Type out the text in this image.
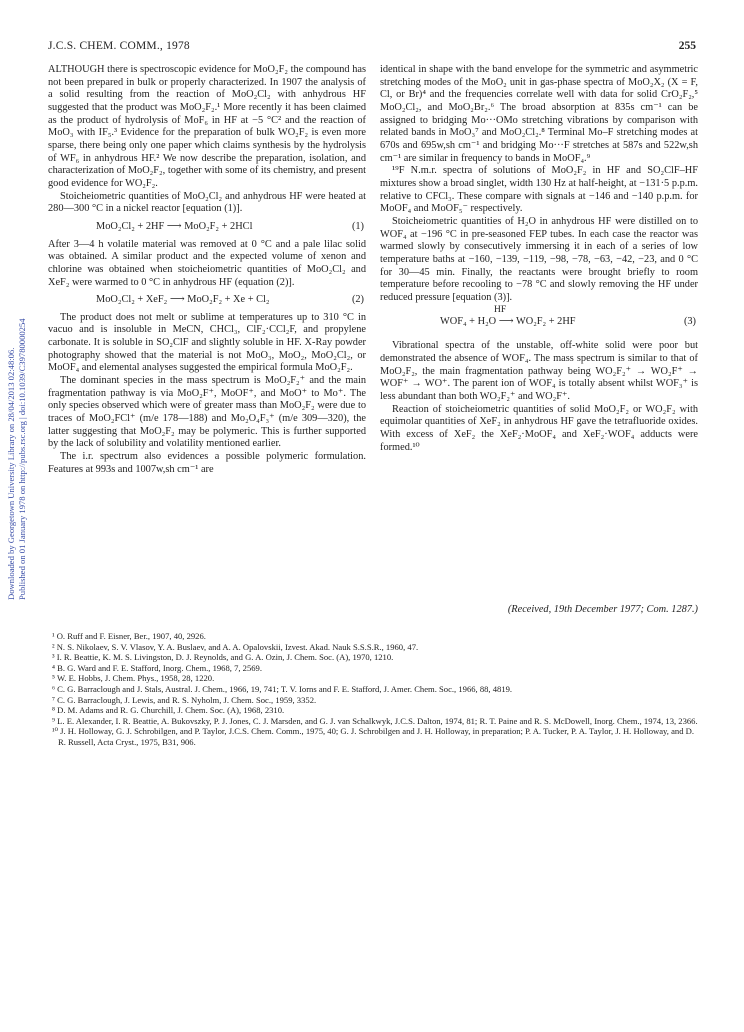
J.C.S. CHEM. COMM., 1978	255
Downloaded by Georgetown University Library on 28/04/2013 02:48:06. Published on 01 January 1978 on http://pubs.rsc.org | doi:10.1039/C39780000254

ALTHOUGH there is spectroscopic evidence for MoO₂F₂ the compound has not been prepared in bulk or properly characterized. In 1907 the analysis of a solid resulting from the reaction of MoO₂Cl₂ with anhydrous HF suggested that the product was MoO₂F₂.¹ More recently it has been claimed as the product of hydrolysis of MoF₆ in HF at −5 °C² and the reaction of MoO₃ with IF₅.³ Evidence for the preparation of bulk WO₂F₂ is even more sparse, there being only one paper which claims synthesis by the hydrolysis of WF₆ in anhydrous HF.² We now describe the preparation, isolation, and characterization of MoO₂F₂, together with some of its chemistry, and present good evidence for WO₂F₂.

Stoicheiometric quantities of MoO₂Cl₂ and anhydrous HF were heated at 280—300 °C in a nickel reactor [equation (1)].

MoO₂Cl₂ + 2HF ⟶ MoO₂F₂ + 2HCl	(1)

After 3—4 h volatile material was removed at 0 °C and a pale lilac solid was obtained. A similar product and the expected volume of xenon and chlorine was obtained when stoicheiometric quantities of MoO₂Cl₂ and XeF₂ were warmed to 0 °C in anhydrous HF (equation (2)].

MoO₂Cl₂ + XeF₂ ⟶ MoO₂F₂ + Xe + Cl₂	(2)

The product does not melt or sublime at temperatures up to 310 °C in vacuo and is insoluble in MeCN, CHCl₃, ClF₂·CCl₂F, and propylene carbonate. It is soluble in SO₂ClF and slightly soluble in HF. X-Ray powder photography showed that the material is not MoO₃, MoO₂, MoO₂Cl₂, or MoOF₄ and elemental analyses suggested the empirical formula MoO₂F₂.

The dominant species in the mass spectrum is MoO₂F₂⁺ and the main fragmentation pathway is via MoO₂F⁺, MoOF⁺, and MoO⁺ to Mo⁺. The only species observed which were of greater mass than MoO₂F₂ were due to traces of MoO₂FCl⁺ (m/e 178—188) and Mo₂O₄F₃⁺ (m/e 309—320), the latter suggesting that MoO₂F₂ may be polymeric. This is further supported by the lack of solubility and volatility mentioned earlier.

The i.r. spectrum also evidences a possible polymeric formulation. Features at 993s and 1007w,sh cm⁻¹ are

identical in shape with the band envelope for the symmetric and asymmetric stretching modes of the MoO₂ unit in gas-phase spectra of MoO₂X₂ (X = F, Cl, or Br)⁴ and the frequencies correlate well with data for solid CrO₂F₂,⁵ MoO₂Cl₂, and MoO₂Br₂.⁶ The broad absorption at 835s cm⁻¹ can be assigned to bridging Mo···OMo stretching vibrations by comparison with related bands in MoO₃⁷ and MoO₂Cl₂.⁸ Terminal Mo–F stretching modes at 670s and 695w,sh cm⁻¹ and bridging Mo···F stretches at 587s and 522w,sh cm⁻¹ are similar in frequency to bands in MoOF₄.⁹

¹⁹F N.m.r. spectra of solutions of MoO₂F₂ in HF and SO₂ClF–HF mixtures show a broad singlet, width 130 Hz at half-height, at −131·5 p.p.m. relative to CFCl₃. These compare with signals at −146 and −140 p.p.m. for MoOF₄ and MoOF₅⁻ respectively.

Stoicheiometric quantities of H₂O in anhydrous HF were distilled on to WOF₄ at −196 °C in pre-seasoned FEP tubes. In each case the reactor was warmed slowly by consecutively immersing it in each of a series of low temperature baths at −160, −139, −119, −98, −78, −63, −42, −23, and 0 °C for 30—45 min. Finally, the reactants were brought briefly to room temperature before recooling to −78 °C and slowly removing the HF under reduced pressure [equation (3)].

HF
WOF₄ + H₂O ⟶ WO₂F₂ + 2HF	(3)

Vibrational spectra of the unstable, off-white solid were poor but demonstrated the absence of WOF₄. The mass spectrum is similar to that of MoO₂F₂, the main fragmentation pathway being WO₂F₂⁺ → WO₂F⁺ → WOF⁺ → WO⁺. The parent ion of WOF₄ is totally absent whilst WOF₃⁺ is less abundant than both WO₂F₂⁺ and WO₂F⁺.

Reaction of stoicheiometric quantities of solid MoO₂F₂ or WO₂F₂ with equimolar quantities of XeF₂ in anhydrous HF gave the tetrafluoride oxides. With excess of XeF₂ the XeF₂·MoOF₄ and XeF₂·WOF₄ adducts were formed.¹⁰

(Received, 19th December 1977; Com. 1287.)

¹ O. Ruff and F. Eisner, Ber., 1907, 40, 2926.

² N. S. Nikolaev, S. V. Vlasov, Y. A. Buslaev, and A. A. Opalovskii, Izvest. Akad. Nauk S.S.S.R., 1960, 47.

³ I. R. Beattie, K. M. S. Livingston, D. J. Reynolds, and G. A. Ozin, J. Chem. Soc. (A), 1970, 1210.

⁴ B. G. Ward and F. E. Stafford, Inorg. Chem., 1968, 7, 2569.

⁵ W. E. Hobbs, J. Chem. Phys., 1958, 28, 1220.

⁶ C. G. Barraclough and J. Stals, Austral. J. Chem., 1966, 19, 741; T. V. Iorns and F. E. Stafford, J. Amer. Chem. Soc., 1966, 88, 4819.

⁷ C. G. Barraclough, J. Lewis, and R. S. Nyholm, J. Chem. Soc., 1959, 3352.

⁸ D. M. Adams and R. G. Churchill, J. Chem. Soc. (A), 1968, 2310.

⁹ L. E. Alexander, I. R. Beattie, A. Bukovszky, P. J. Jones, C. J. Marsden, and G. J. van Schalkwyk, J.C.S. Dalton, 1974, 81; R. T. Paine and R. S. McDowell, Inorg. Chem., 1974, 13, 2366.

¹⁰ J. H. Holloway, G. J. Schrobilgen, and P. Taylor, J.C.S. Chem. Comm., 1975, 40; G. J. Schrobilgen and J. H. Holloway, in preparation; P. A. Tucker, P. A. Taylor, J. H. Holloway, and D. R. Russell, Acta Cryst., 1975, B31, 906.
